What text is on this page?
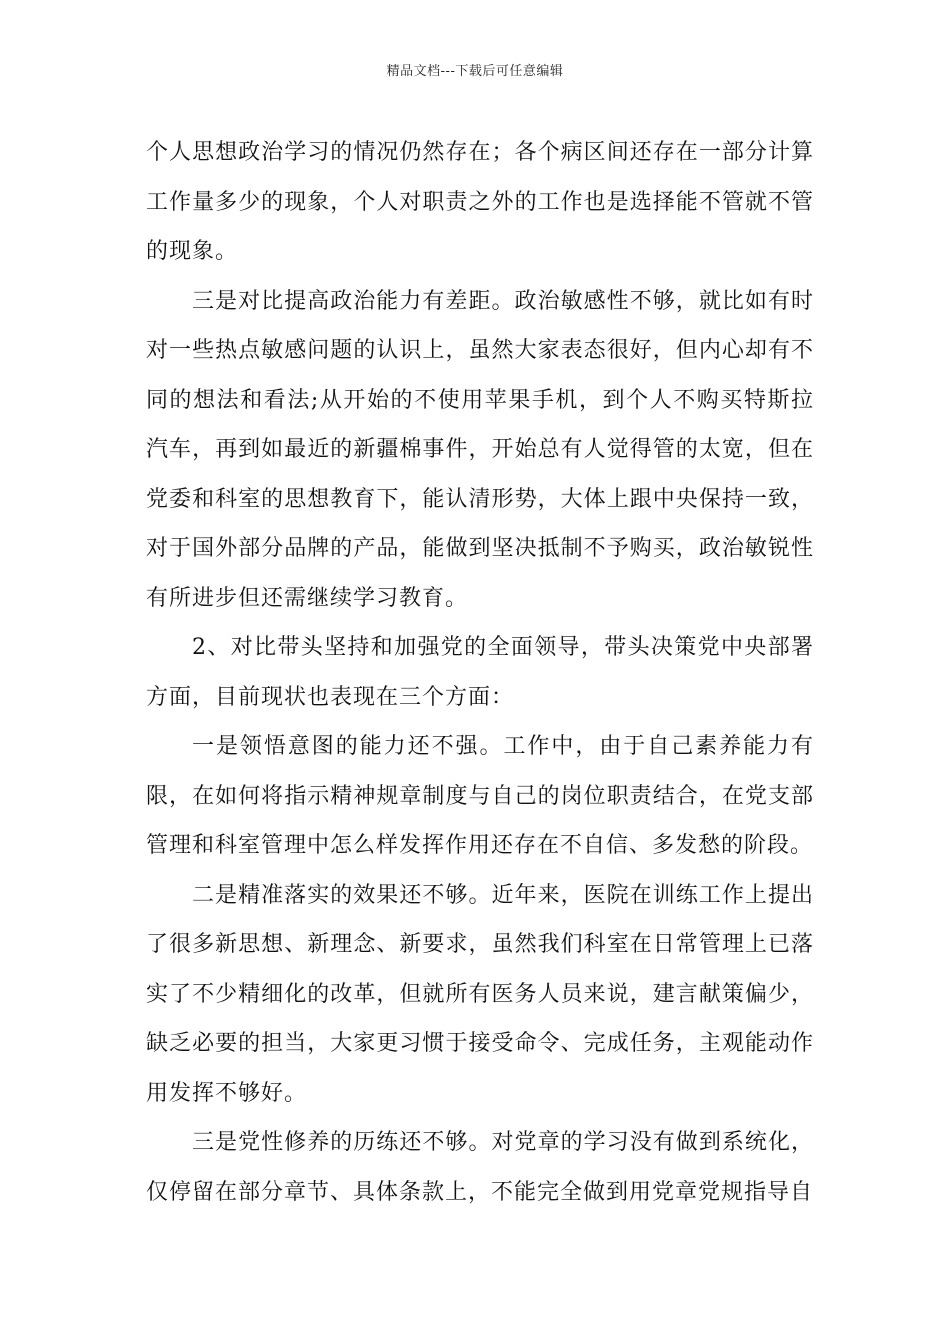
精品文档---下载后可任意编辑

个人思想政治学习的情况仍然存在；各个病区间还存在一部分计算工作量多少的现象，个人对职责之外的工作也是选择能不管就不管的现象。

三是对比提高政治能力有差距。政治敏感性不够，就比如有时对一些热点敏感问题的认识上，虽然大家表态很好，但内心却有不同的想法和看法;从开始的不使用苹果手机，到个人不购买特斯拉汽车，再到如最近的新疆棉事件，开始总有人觉得管的太宽，但在党委和科室的思想教育下，能认清形势，大体上跟中央保持一致，对于国外部分品牌的产品，能做到坚决抵制不予购买，政治敏锐性有所进步但还需继续学习教育。

2、对比带头坚持和加强党的全面领导，带头决策党中央部署方面，目前现状也表现在三个方面：

一是领悟意图的能力还不强。工作中，由于自己素养能力有限，在如何将指示精神规章制度与自己的岗位职责结合，在党支部管理和科室管理中怎么样发挥作用还存在不自信、多发愁的阶段。

二是精准落实的效果还不够。近年来，医院在训练工作上提出了很多新思想、新理念、新要求，虽然我们科室在日常管理上已落实了不少精细化的改革，但就所有医务人员来说，建言献策偏少，缺乏必要的担当，大家更习惯于接受命令、完成任务，主观能动作用发挥不够好。

三是党性修养的历练还不够。对党章的学习没有做到系统化，仅停留在部分章节、具体条款上，不能完全做到用党章党规指导自
